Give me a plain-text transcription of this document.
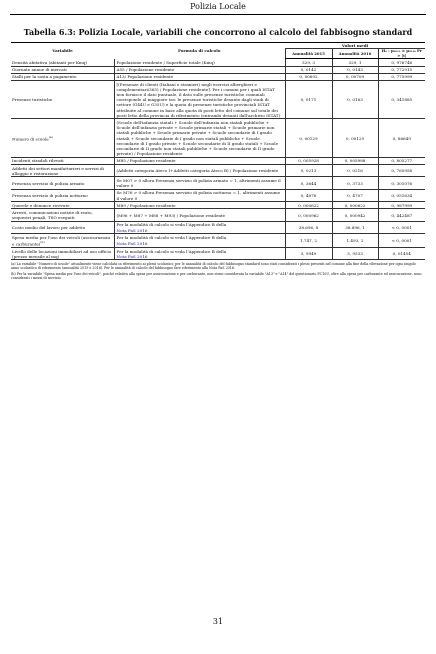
Polizia Locale
Tabella 6.3: Polizia Locale, variabili che concorrono al calcolo del fabbisogno standard
Variabile	Formula di calcolo	Valori medi		
		Annualità 2015	Annualità 2016	H₀ : μ₂₀₁₅ = μ₂₀₁₆ Pr > |t|
Densità abitativa (abitanti per Kmq)	Popolazione residente / Superficie totale (Kmq)	329, 3	329, 1	0, 976746
Giornate annue di mercati	A55 / Popolazione residente	0, 0142	0, 0143	0, 772915
Stalli per la sosta a pagamento	A13/ Popolazione residente	0, 00692	0, 00709	0, 775999
Presenze turistiche	[(Presenze di clienti (Italiani e stranieri) negli esercizi alberghieri e complementari/365) / Popolazione residente]. Per i comuni per i quali ISTAT non fornisce il dato puntuale, il dato sulle presenze turistiche comunali corrisponde al maggiore tra: le presenze turistiche desunte dagli studi di settore (G44U e G35U) e la quota di presenze turistiche provinciali ISTAT attribuite al comune in base alla quota di posti letto del comune sul totale dei posti letto della provincia di riferimento (entrambi desunti dall'archivio ISTAT)	0, 0171	0, 0163	0, 341885
Numero di scuole$^{(a)}$	(Scuole dell'infanzia statali + Scuole dell'infanzia non statali pubbliche + Scuole dell'infanzia private + Scuole primarie statali + Scuole primarie non statali pubbliche + Scuole primarie private + Scuole secondarie di I grado statali + Scuole secondarie di I grado non statali pubbliche + Scuole secondarie di I grado private + Scuole secondarie di II grado statali + Scuole secondarie di II grado non statali pubbliche + Scuole secondarie di II grado private) / Popolazione residente	0, 00129	0, 00129	0, 86649
Incidenti stradali rilevati	M85 / Popolazione residente	0, 005928	0, 005988	0, 805277
Addetti dei settori manifatturieri e servizi di alloggio e ristorazione	(Addetti categoria Ateco I+Addetti categoria Ateco B) / Popolazione residente	0, 0213	0, 0216	0, 765958
Presenza servizio di polizia armato	Se M07 > 0 allora Presenza servizio di polizia armato = 1, altrimenti assume il valore 0	0, 3644	0, 3733	0, 301076
Presenza servizio di polizia notturno	Se M76 > 0 allora Presenza servizio di polizia notturno = 1, altrimenti assume il valore 0	0, 4876	0, 4707	0, 051634
Querele e denunce ricevute	M89 / Popolazione residente	0, 000622	0, 000622	0, 987999
Arresti, comunicazioni notizie di reato, sequestri penali, TSO eseguiti	(M96 + M87 + M88 + M93) / Popolazione residente	0, 000962	0, 000942	0, 442487
Costo medio del lavoro per addetto	Per la modalità di calcolo si veda l'Appendice B della
Nota FaS 2016	38.696, 8	38.896, 1	< 0, 0001
Spesa media per l'uso dei veicoli (assicurazioni e carburante)$^{(b)}$	Per la modalità di calcolo si veda l'Appendice B della
Nota FaS 2016	1.747, 2	1.493, 2	< 0, 0001
Livello delle locazioni immobiliari ad uso ufficio (prezzo mensile al mq)	Per la modalità di calcolo si veda l'Appendice B della
Nota FaS 2016	3, 9949	3, 9533	0, 01454
(a) La variabile "Numero di scuole" attualmente viene calcolata in riferimento ai plessi scolastici; per le annualità di calcolo del fabbisogno standard sono stati considerati i plessi presenti nel comune alla fine della rilevazione per ogni singolo anno scolastico di riferimento (annualità 2015 e 2016). Per le annualità di calcolo del fabbisogno fare riferimento alla Nota FaS 2016.
(b) Per la variabile "Spesa media per l'uso dei veicoli", poiché relativa alla spesa per assicurazione e per carburante, non viene considerata la variabile "A13" e "A14" del questionario FC10U, oltre alla spesa per carburante ed assicurazione, sono considerati i mezzi di servizio.
31
